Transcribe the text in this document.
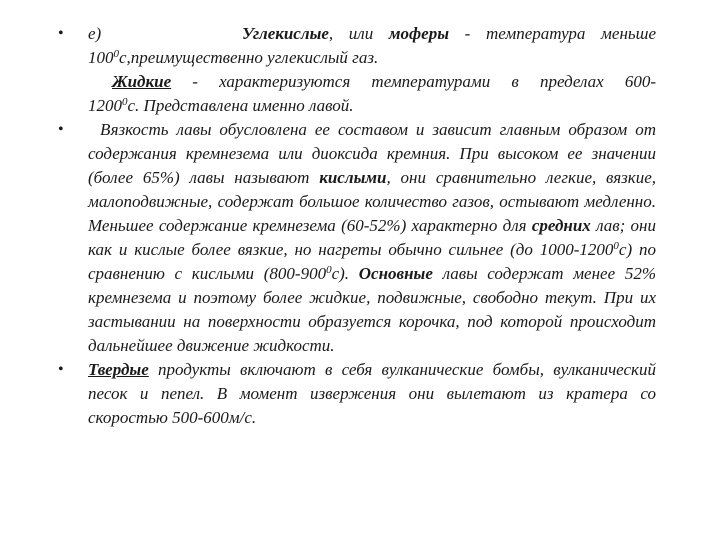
• е)	Углекислые, или мoферы - температура меньше
$100^0с,преимущественно$ углекислый газ.
Жидкие - характеризуются температурами в пределах 600-
1200$^0$с. Представлена именно лавой.
•	Вязкость лавы обусловлена ее составом и зависит главным образом от содержания кремнезема или диоксида кремния. При высоком ее значении (более 65%) лавы называют кислыми, они сравнительно легкие, вязкие, малоподвижные, содержат большое количество газов, остывают медленно. Меньшее содержание кремнезема (60-52%) характерно для средних лав; они как и кислые более вязкие, но нагреты обычно сильнее (до 1000-1200$^0$с) по сравнению с кислыми $(800-900^0с)$. Основные лавы содержат менее 52% кремнезема и поэтому более жидкие, подвижные, свободно текут. При их застывании на поверхности образуется корочка, под которой происходит дальнейшее движение жидкости.
• Твердые продукты включают в себя вулканические бомбы, вулканический песок и пепел. В момент извержения они вылетают из кратера со скоростью 500-600м/с.
